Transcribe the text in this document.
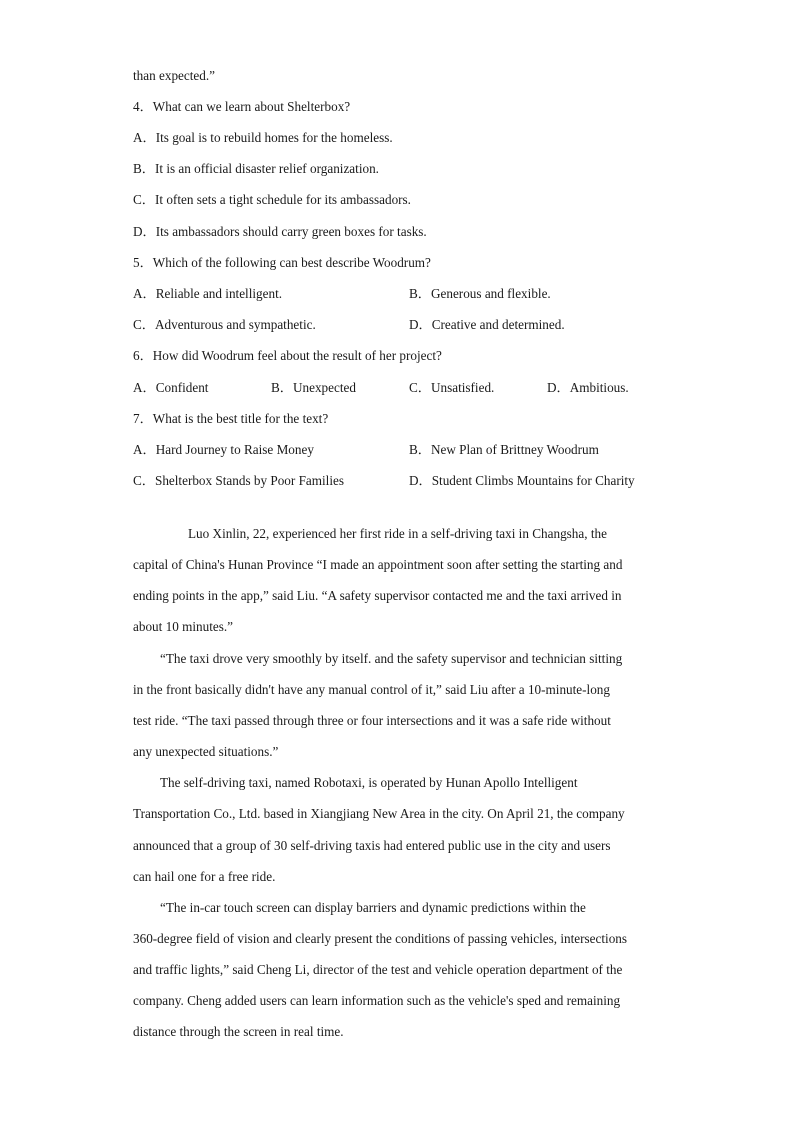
than expected.”
4．What can we learn about Shelterbox?
A．Its goal is to rebuild homes for the homeless.
B．It is an official disaster relief organization.
C．It often sets a tight schedule for its ambassadors.
D．Its ambassadors should carry green boxes for tasks.
5．Which of the following can best describe Woodrum?
A．Reliable and intelligent.	B．Generous and flexible.
C．Adventurous and sympathetic.	D．Creative and determined.
6．How did Woodrum feel about the result of her project?
A．Confident	B．Unexpected	C．Unsatisfied.	D．Ambitious.
7．What is the best title for the text?
A．Hard Journey to Raise Money	B．New Plan of Brittney Woodrum
C．Shelterbox Stands by Poor Families	D．Student Climbs Mountains for Charity
Luo Xinlin, 22, experienced her first ride in a self-driving taxi in Changsha, the
capital of China's Hunan Province “I made an appointment soon after setting the starting and
ending points in the app,” said Liu. “A safety supervisor contacted me and the taxi arrived in
about 10 minutes.”
“The taxi drove very smoothly by itself. and the safety supervisor and technician sitting
in the front basically didn't have any manual control of it,” said Liu after a 10-minute-long
test ride. “The taxi passed through three or four intersections and it was a safe ride without
any unexpected situations.”
The self-driving taxi, named Robotaxi, is operated by Hunan Apollo Intelligent
Transportation Co., Ltd. based in Xiangjiang New Area in the city. On April 21, the company
announced that a group of 30 self-driving taxis had entered public use in the city and users
can hail one for a free ride.
“The in-car touch screen can display barriers and dynamic predictions within the
360-degree field of vision and clearly present the conditions of passing vehicles, intersections
and traffic lights,” said Cheng Li, director of the test and vehicle operation department of the
company. Cheng added users can learn information such as the vehicle's sped and remaining
distance through the screen in real time.
